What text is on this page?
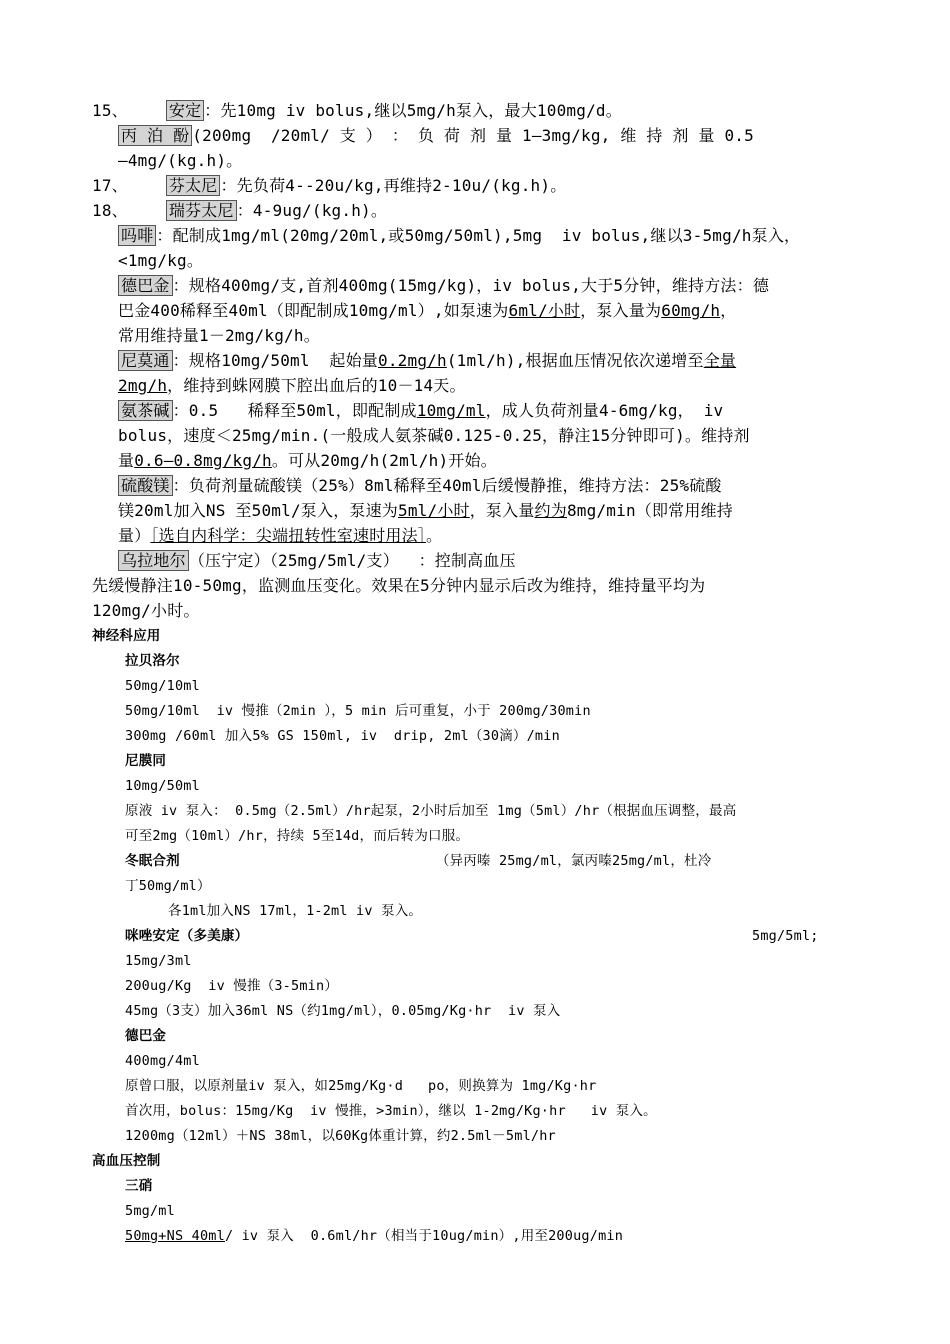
15、	安定 ：先10mg iv bolus,继以5mg/h泵入，最大100mg/d。
丙 泊 酚 (200mg  /20ml/ 支 ） ： 负 荷 剂 量 1—3mg/kg, 维 持 剂 量 0.5
—4mg/(kg.h)。
17、	芬太尼 ：先负荷4--20u/kg,再维持2-10u/(kg.h)。
18、	瑞芬太尼 ：4-9ug/(kg.h)。
吗啡 ：配制成1mg/ml(20mg/20ml,或50mg/50ml),5mg  iv bolus,继以3-5mg/h泵入，
<1mg/kg。
德巴金 ：规格400mg/支,首剂400mg(15mg/kg)，iv bolus,大于5分钟，维持方法：德
巴金400稀释至40ml（即配制成10mg/ml）,如泵速为6ml/小时，泵入量为60mg/h，
常用维持量1－2mg/kg/h。
尼莫通 ：规格10mg/50ml  起始量0.2mg/h(1ml/h),根据血压情况依次递增至全量
2mg/h，维持到蛛网膜下腔出血后的10－14天。
氨茶碱 ：0.5   稀释至50ml，即配制成10mg/ml，成人负荷剂量4-6mg/kg， iv
bolus，速度＜25mg/min.(一般成人氨茶碱0.125-0.25，静注15分钟即可)。维持剂
量0.6—0.8mg/kg/h。可从20mg/h(2ml/h)开始。
硫酸镁 ：负荷剂量硫酸镁（25%）8ml稀释至40ml后缓慢静推，维持方法：25%硫酸
镁20ml加入NS 至50ml/泵入，泵速为5ml/小时，泵入量约为8mg/min（即常用维持
量）［选自内科学：尖端扭转性室速时用法］。
乌拉地尔 （压宁定）（25mg/5ml/支）  ：控制高血压
先缓慢静注10-50mg，监测血压变化。效果在5分钟内显示后改为维持，维持量平均为
120mg/小时。
神经科应用
拉贝洛尔
50mg/10ml
50mg/10ml  iv 慢推（2min ），5 min 后可重复，小于 200mg/30min
300mg /60ml 加入5% GS 150ml, iv  drip, 2ml（30滴）/min
尼膜同
10mg/50ml
原液 iv 泵入： 0.5mg（2.5ml）/hr起泵，2小时后加至 1mg（5ml）/hr（根据血压调整，最高
可至2mg（10ml）/hr，持续 5至14d，而后转为口服。
冬眠合剂	（异丙嗪 25mg/ml，氯丙嗪25mg/ml，杜冷
丁50mg/ml）
各1ml加入NS 17ml，1-2ml iv 泵入。
咪唑安定（多美康）	5mg/5ml;
15mg/3ml
200ug/Kg  iv 慢推（3-5min）
45mg（3支）加入36ml NS（约1mg/ml），0.05mg/Kg·hr  iv 泵入
德巴金
400mg/4ml
原曾口服，以原剂量iv 泵入，如25mg/Kg·d   po，则换算为 1mg/Kg·hr
首次用，bolus：15mg/Kg  iv 慢推，>3min），继以 1-2mg/Kg·hr   iv 泵入。
1200mg（12ml）＋NS 38ml，以60Kg体重计算，约2.5ml－5ml/hr
高血压控制
三硝
5mg/ml
50mg+NS 40ml/ iv 泵入  0.6ml/hr（相当于10ug/min）,用至200ug/min
